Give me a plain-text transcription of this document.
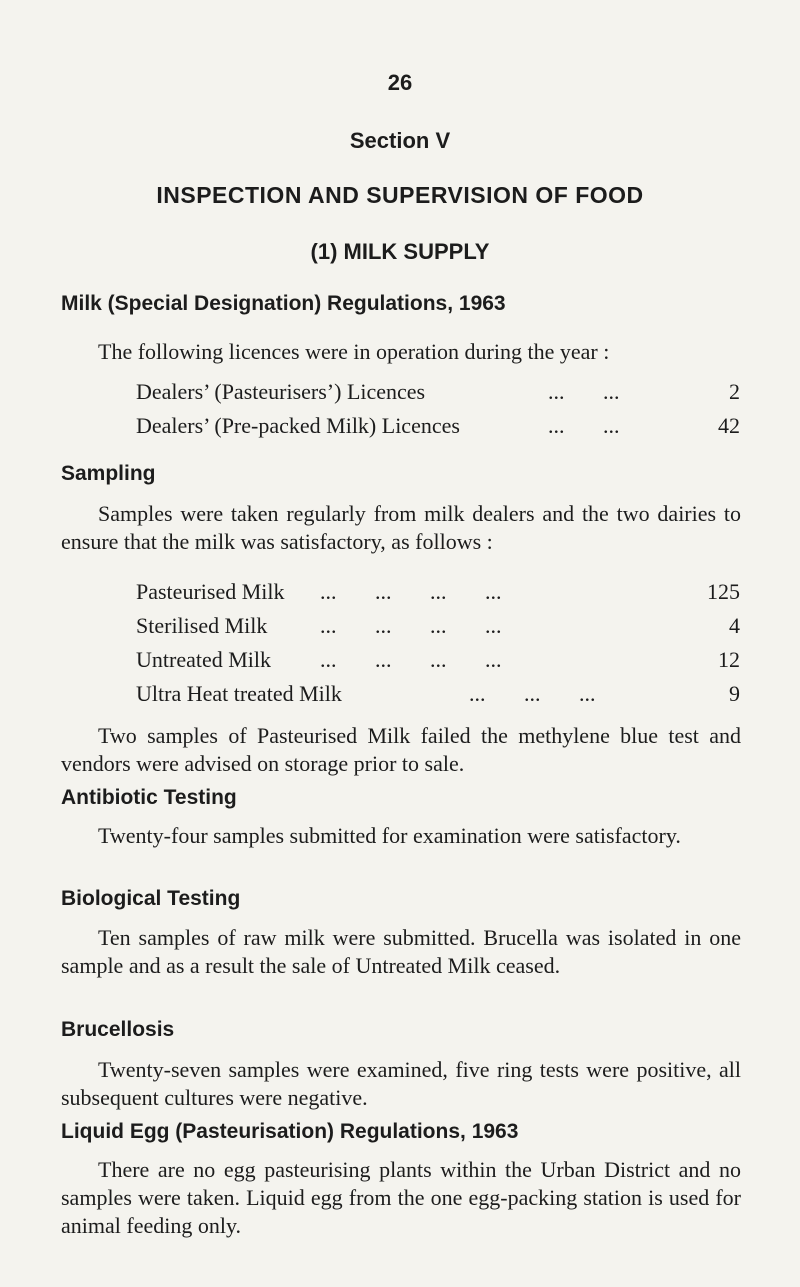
26
Section V
INSPECTION AND SUPERVISION OF FOOD
(1) MILK SUPPLY
Milk (Special Designation) Regulations, 1963
The following licences were in operation during the year :
Dealers’ (Pasteurisers’) Licences	...       ...	2
Dealers’ (Pre-packed Milk) Licences	...       ...	42
Sampling
Samples were taken regularly from milk dealers and the two dairies to ensure that the milk was satisfactory, as follows :
Pasteurised Milk ...       ...       ...       ...	125
Sterilised Milk ...       ...       ...       ...	4
Untreated Milk ...       ...       ...       ...	12
Ultra Heat treated Milk	...       ...       ...	9
Two samples of Pasteurised Milk failed the methylene blue test and vendors were advised on storage prior to sale.
Antibiotic Testing
Twenty-four samples submitted for examination were satisfactory.
Biological Testing
Ten samples of raw milk were submitted. Brucella was isolated in one sample and as a result the sale of Untreated Milk ceased.
Brucellosis
Twenty-seven samples were examined, five ring tests were positive, all subsequent cultures were negative.
Liquid Egg (Pasteurisation) Regulations, 1963
There are no egg pasteurising plants within the Urban District and no samples were taken. Liquid egg from the one egg-packing station is used for animal feeding only.
